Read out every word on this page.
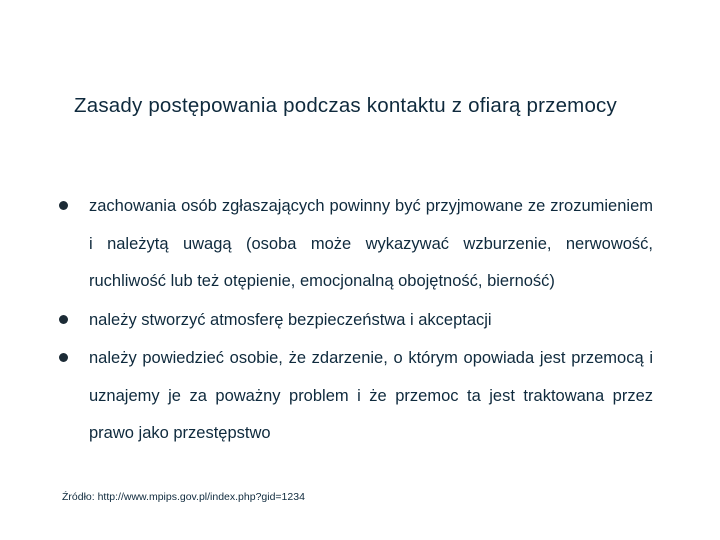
Zasady postępowania podczas kontaktu z ofiarą przemocy
zachowania osób zgłaszających powinny być przyjmowane ze zrozumieniem i należytą uwagą (osoba może wykazywać wzburzenie, nerwowość, ruchliwość lub też otępienie, emocjonalną obojętność, bierność)
należy stworzyć atmosferę bezpieczeństwa i akceptacji
należy powiedzieć osobie, że zdarzenie, o którym opowiada jest przemocą i uznajemy je za poważny problem i że przemoc ta jest traktowana przez prawo jako przestępstwo
Źródło: http://www.mpips.gov.pl/index.php?gid=1234
